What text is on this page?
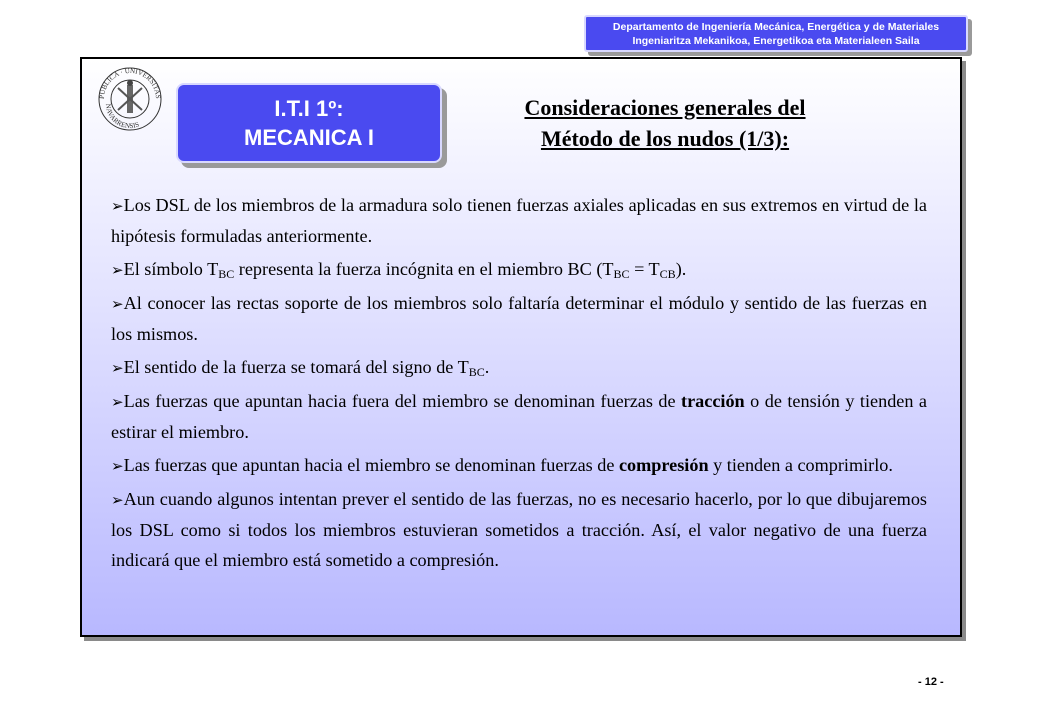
Departamento de Ingeniería Mecánica, Energética y de Materiales
Ingeniaritza Mekanikoa, Energetikoa eta Materialeen Saila
PUBLICA · UNIVERSITAS
NAVARRENSIS
I.T.I 1º:
MECANICA I
Consideraciones generales del
Método de los nudos (1/3):

➢Los DSL de los miembros de la armadura solo tienen fuerzas axiales aplicadas en sus extremos en virtud de la hipótesis formuladas anteriormente.

➢El símbolo $T_{BC}$ representa la fuerza incógnita en el miembro BC $(T_{BC} = T_{CB})$.

➢Al conocer las rectas soporte de los miembros solo faltaría determinar el módulo y sentido de las fuerzas en los mismos.

➢El sentido de la fuerza se tomará del signo de $T_{BC}$.

➢Las fuerzas que apuntan hacia fuera del miembro se denominan fuerzas de tracción o de tensión y tienden a estirar el miembro.

➢Las fuerzas que apuntan hacia el miembro se denominan fuerzas de compresión y tienden a comprimirlo.

➢Aun cuando algunos intentan prever el sentido de las fuerzas, no es necesario hacerlo, por lo que dibujaremos los DSL como si todos los miembros estuvieran sometidos a tracción. Así, el valor negativo de una fuerza indicará que el miembro está sometido a compresión.

- 12 -
